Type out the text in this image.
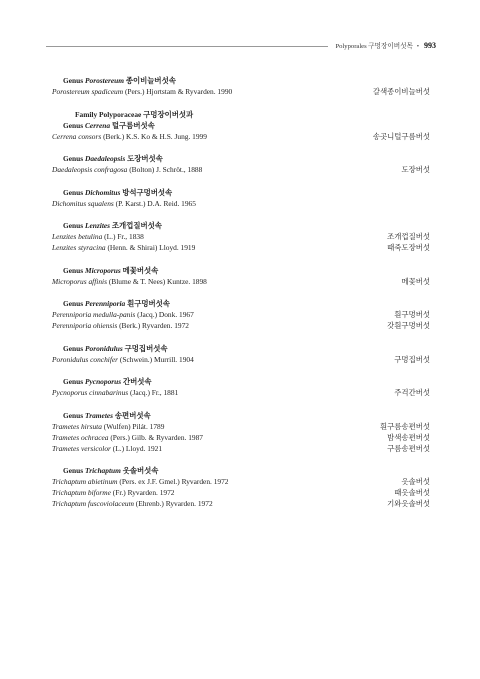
Polyporales 구멍장이버섯목 • 993
Genus Porostereum 종이비늘버섯속
Porostereum spadiceum (Pers.) Hjortstam & Ryvarden. 1990	갈색종이비늘버섯
Family Polyporaceae 구멍장이버섯과
Genus Cerrena 털구름버섯속
Cerrena consors (Berk.) K.S. Ko & H.S. Jung. 1999	송곳니털구름버섯
Genus Daedaleopsis 도장버섯속
Daedaleopsis confragosa (Bolton) J. Schröt., 1888	도장버섯
Genus Dichomitus 방석구멍버섯속
Dichomitus squalens (P. Karst.) D.A. Reid. 1965
Genus Lenzites 조개껍질버섯속
Lenzites betulina (L.) Fr., 1838	조개껍질버섯
Lenzites styracina (Henn. & Shirai) Lloyd. 1919	때죽도장버섯
Genus Microporus 메꽃버섯속
Microporus affinis (Blume & T. Nees) Kuntze. 1898	메꽃버섯
Genus Perenniporia 흰구멍버섯속
Perenniporia medulla-panis (Jacq.) Donk. 1967	흰구멍버섯
Perenniporia ohiensis (Berk.) Ryvarden. 1972	갓흰구멍버섯
Genus Poronidulus 구멍집버섯속
Poronidulus conchifer (Schwein.) Murrill. 1904	구멍집버섯
Genus Pycnoporus 간버섯속
Pycnoporus cinnabarinus (Jacq.) Fr., 1881	주걱간버섯
Genus Trametes 송편버섯속
Trametes hirsuta (Wulfen) Pilát. 1789	흰구름송편버섯
Trametes ochracea (Pers.) Gilb. & Ryvarden. 1987	밤색송편버섯
Trametes versicolor (L.) Lloyd. 1921	구름송편버섯
Genus Trichaptum 옷솔버섯속
Trichaptum abietinum (Pers. ex J.F. Gmel.) Ryvarden. 1972	옷솔버섯
Trichaptum biforme (Fr.) Ryvarden. 1972	때옷솔버섯
Trichaptum fuscoviolaceum (Ehrenb.) Ryvarden. 1972	기와옷솔버섯
